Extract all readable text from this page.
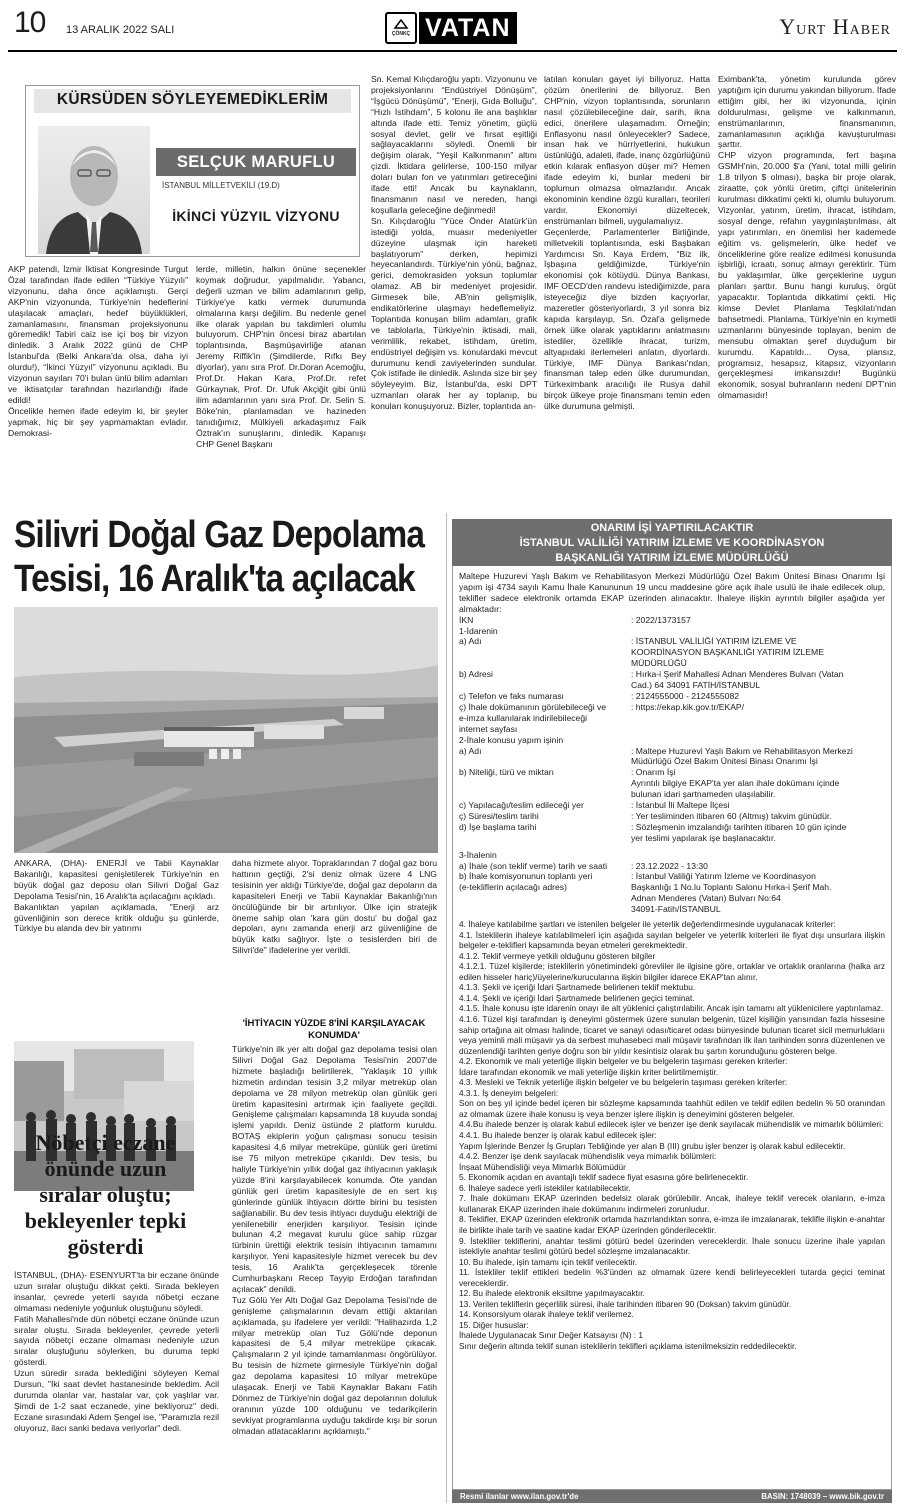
10 13 ARALIK 2022 SALI	ÇÖNKÇ VATAN	YURT HABER
KÜRSÜDEN SÖYLEYEMEDİKLERİM
SELÇUK MARUFLU
İSTANBUL MİLLETVEKİLİ (19.D)
İKİNCİ YÜZYIL VİZYONU
AKP patendi, İzmir İktisat Kongresinde Turgut Özal tarafından ifade edilen “Türkiye Yüzyılı” vizyonunu, daha önce açıklamıştı. Gerçi AKP'nin vizyonunda, Türkiye'nin hedeflerini ulaşılacak amaçları, hedef büyüklükleri, zamanlamasını, finansman projeksiyonunu göremedik! Tabiri caiz ise içi boş bir vizyon dinledik. 3 Aralık 2022 günü de CHP İstanbul'da (Belki Ankara'da olsa, daha iyi olurdu!), “İkinci Yüzyıl” vizyonunu açıkladı. Bu vizyonun sayıları 70'i bulan ünlü bilim adamları ve iktisatçılar tarafından hazırlandığı ifade edildi!
Öncelikle hemen ifade edeyim ki, bir şeyler yapmak, hiç bir şey yapmamaktan evladır. Demokrasi-
lerde, milletin, halkın önüne seçenekler koymak doğrudur, yapılmalıdır. Yabancı, değerli uzman ve bilim adamlarının gelip, Türkiye'ye katkı vermek durumunda olmalarına karşı değilim. Bu nedenle genel ilke olarak yapılan bu takdimleri olumlu buluyorum. CHP'nin öncesi biraz abartılan toplantısında, Başmüşavirliğe atanan Jeremy Riffik'in (Şimdilerde, Rıfkı Bey diyorlar), yanı sıra Prof. Dr.Doran Acemoğlu, Prof.Dr. Hakan Kara, Prof.Dr. refet Gürkaynak, Prof. Dr. Ufuk Akçiğit gibi ünlü ilim adamlarının yanı sıra Prof. Dr. Selin S. Böke'nin, planlamadan ve hazineden tanıdığımız, Mülkiyeli arkadaşımız Faik Öztrak'ın sunuşlarını, dinledik. Kapanışı CHP Genel Başkanı
Sn. Kemal Kılıçdaroğlu yaptı. Vizyonunu ve projeksiyonlarını “Endüstriyel Dönüşüm”, “İşgücü Dönüşümü”, “Enerji, Gıda Bolluğu”, “Hızlı İstihdam”, 5 kolonu ile ana başlıklar altında ifade etti. Temiz yönetim, güçlü sosyal devlet, gelir ve fırsat eşitliği sağlayacaklarını söyledi. Önemli bir değişim olarak, “Yeşil Kalkınmanın” altını çizdi. İktidara gelirlerse, 100-150 milyar doları bulan fon ve yatırımları getireceğini ifade etti! Ancak bu kaynakların, finansmanın nasıl ve nereden, hangi koşullarla geleceğine değinmedi!
Sn. Kılıçdaroğlu “Yüce Önder Atatürk'ün istediği yolda, muasır medeniyetler düzeyine ulaşmak için hareketi başlatıyorum” derken, hepimizi heyecanlandırdı. Türkiye'nin yönü, bağnaz, gerici, demokrasiden yoksun toplumlar olamaz. AB bir medeniyet projesidir. Girmesek bile, AB'nin gelişmişlik, endikatörlerine ulaşmayı hedeflemeliyiz. Toplantıda konuşan bilim adamları, grafik ve tablolarla, Türkiye'nin iktisadi, mali, verimlilik, rekabet, istihdam, üretim, endüstriyel değişim vs. konulardaki mevcut durumunu kendi zaviyelerinden sundular. Çok istifade ile dinledik. Aslında size bir şey söyleyeyim. Biz, İstanbul'da, eski DPT uzmanları olarak her ay toplanıp, bu konuları konuşuyoruz. Bizler, toplantıda an-
latılan konuları gayet iyi biliyoruz. Hatta çözüm önerilerini de biliyoruz. Ben CHP'nin, vizyon toplantısında, sorunların nasıl çözülebileceğine dair, sarih, ikna edici, önerilere ulaşamadım. Örneğin; Enflasyonu nasıl önleyecekler? Sadece, insan hak ve hürriyetlerini, hukukun üstünlüğü, adaleti, ifade, inanç özgürlüğünü etkin kılarak enflasyon düşer mi? Hemen ifade edeyim ki, bunlar medeni bir toplumun olmazsa olmazlarıdır. Ancak ekonominin kendine özgü kuralları, teorileri vardır. Ekonomiyi düzeltecek, enstrümanları bilmeli, uygulamalıyız.
Geçenlerde, Parlamenterler Birliğinde, milletvekili toplantısında, eski Başbakan Yardımcısı Sn. Kaya Erdem, “Biz ilk, İşbaşına geldiğimizde, Türkiye'nin ekonomisi çok kötüydü. Dünya Bankası, IMF OECD'den randevu istediğimizde, para isteyeceğiz diye bizden kaçıyorlar, mazeretler gösteriyorlardı, 3 yıl sonra biz kapıda karşılayıp, Sn. Özal'a gelişmede örnek ülke olarak yaptıklarını anlatmasını istediler, özellikle ihracat, turizm, altyapıdaki ilerlemeleri anlatın, diyorlardı. Türkiye, IMF Dünya Bankası'ndan, finansman talep eden ülke durumundan, Türkeximbank aracılığı ile Rusya dahil birçok ülkeye proje finansmanı temin eden ülke durumuna gelmişti.
Eximbank'ta, yönetim kurulunda görev yaptığım için durumu yakından biliyorum. İfade ettiğim gibi, her iki vizyonunda, içinin doldurulması, gelişme ve kalkınmanın, enstrümanlarının, finansmanının, zamanlamasının açıklığa kavuşturulması şarttır.
CHP vizyon programında, fert başına GSMH'nin, 20.000 $'a (Yani, total milli gelirin 1.8 trilyon $ olması), başka bir proje olarak, ziraatte, çok yönlü üretim, çiftçi ünitelerinin kurulması dikkatimi çekti ki, olumlu buluyorum. Vizyonlar, yatırım, üretim, ihracat, istihdam, sosyal denge, refahın yaygınlaştırılması, alt yapı yatırımları, en önemlisi her kademede eğitim vs. gelişmelerin, ülke hedef ve önceliklerine göre realize edilmesi konusunda işbirliği, icraatı, sonuç almayı gerektirir. Tüm bu yaklaşımlar, ülke gerçeklerine uygun planları şarttır. Bunu hangi kuruluş, örgüt yapacaktır. Toplantıda dikkatimi çekti. Hiç kimse Devlet Planlama Teşkilatı'ndan bahsetmedi. Planlama, Türkiye'nin en kıymetli uzmanlarını bünyesinde toplayan, benim de mensubu olmaktan şeref duyduğum bir kurumdu. Kapatıldı... Oysa, plansız, programsız, hesapsız, kitapsız, vizyonların gerçekleşmesi imkansızdır! Bugünkü ekonomik, sosyal buhranların nedeni DPT'nin olmamasıdır!
Silivri Doğal Gaz Depolama
Tesisi, 16 Aralık'ta açılacak
ANKARA, (DHA)- ENERJİ ve Tabii Kaynaklar Bakanlığı, kapasitesi genişletilerek Türkiye'nin en büyük doğal gaz deposu olan Silivri Doğal Gaz Depolama Tesisi'nin, 16 Aralık'ta açılacağını açıkladı.
Bakanlıktan yapılan açıklamada, "Enerji arz güvenliğinin son derece kritik olduğu şu günlerde, Türkiye bu alanda dev bir yatırımı
daha hizmete alıyor. Topraklarından 7 doğal gaz boru hattının geçtiği, 2'si deniz olmak üzere 4 LNG tesisinin yer aldığı Türkiye'de, doğal gaz depoların da kapasiteleri Enerji ve Tabii Kaynaklar Bakanlığı'nın öncülüğünde bir bir artırılıyor. Ülke için stratejik öneme sahip olan 'kara gün dostu' bu doğal gaz depoları, aynı zamanda enerji arz güvenliğine de büyük katkı sağlıyor. İşte o tesislerden biri de Silivri'de" ifadelerine yer verildi.
'İHTİYACIN YÜZDE 8'İNİ KARŞILAYACAK KONUMDA'
Türkiye'nin ilk yer altı doğal gaz depolama tesisi olan Silivri Doğal Gaz Depolama Tesisi'nin 2007'de hizmete başladığı belirtilerek, "Yaklaşık 10 yıllık hizmetin ardından tesisin 3,2 milyar metreküp olan depolama ve 28 milyon metreküp olan günlük geri üretim kapasitesini artırmak için faaliyete geçildi. Genişleme çalışmaları kapsamında 18 kuyuda sondaj işlemi yapıldı. Deniz üstünde 2 platform kuruldu. BOTAŞ ekiplerin yoğun çalışması sonucu tesisin kapasitesi 4,6 milyar metreküpe, günlük geri üretimi ise 75 milyon metreküpe çıkarıldı. Dev tesis, bu haliyle Türkiye'nin yıllık doğal gaz ihtiyacının yaklaşık yüzde 8'ini karşılayabilecek konumda. Öte yandan günlük geri üretim kapasitesiyle de en sert kış günlerinde günlük ihtiyacın dörtte birini bu tesisten sağlanabilir. Bu dev tesis ihtiyacı duyduğu elektriği de yenilenebilir enerjiden karşılıyor. Tesisin içinde bulunan 4,2 megavat kurulu güce sahip rüzgar türbinin ürettiği elektrik tesisin ihtiyacının tamamını karşılıyor. Yeni kapasitesiyle hizmet verecek bu dev tesis, 16 Aralık'ta gerçekleşecek törenle Cumhurbaşkanı Recep Tayyip Erdoğan tarafından açılacak" denildi.
Tuz Gölü Yer Altı Doğal Gaz Depolama Tesisi'nde de genişleme çalışmalarının devam ettiği aktarılan açıklamada, şu ifadelere yer verildi: "Halihazırda 1,2 milyar metreküp olan Tuz Gölü'nde deponun kapasitesi de 5,4 milyar metreküpe çıkacak. Çalışmaların 2 yıl içinde tamamlanması öngörülüyor. Bu tesisin de hizmete girmesiyle Türkiye'nin doğal gaz depolama kapasitesi 10 milyar metreküpe ulaşacak. Enerji ve Tabii Kaynaklar Bakanı Fatih Dönmez de Türkiye'nin doğal gaz depolarının doluluk oranının yüzde 100 olduğunu ve tedarikçilerin sevkiyat programlarına uyduğu takdirde kışı bir sorun olmadan atlatacaklarını açıklamıştı."
Nöbetçi eczane önünde uzun sıralar oluştu; bekleyenler tepki gösterdi
İSTANBUL, (DHA)- ESENYURT'ta bir eczane önünde uzun sıralar oluştuğu dikkat çekti. Sırada bekleyen insanlar, çevrede yeterli sayıda nöbetçi eczane olmaması nedeniyle yoğunluk oluştuğunu söyledi.
Fatih Mahallesi'nde dün nöbetçi eczane önünde uzun sıralar oluştu. Sırada bekleyenler, çevrede yeterli sayıda nöbetçi eczane olmaması nedeniyle uzun sıralar oluştuğunu söylerken, bu duruma tepki gösterdi.
Uzun süredir sırada beklediğini söyleyen Kemal Dursun, "İki saat devlet hastanesinde bekledim. Acil durumda olanlar var, hastalar var, çok yaşlılar var. Şimdi de 1-2 saat eczanede, yine bekliyoruz" dedi. Eczane sırasındaki Adem Şengel ise, "Paramızla rezil oluyoruz, ilacı sanki bedava veriyorlar" dedi.
ONARIM İŞİ YAPTIRILACAKTIR
İSTANBUL VALİLİĞİ YATIRIM İZLEME VE KOORDİNASYON
BAŞKANLIĞI YATIRIM İZLEME MÜDÜRLÜĞÜ
Maltepe Huzurevi Yaşlı Bakım ve Rehabilitasyon Merkezi Müdürlüğü Özel Bakım Ünitesi Binası Onarımı İşi yapım işi 4734 sayılı Kamu İhale Kanununun 19 uncu maddesine göre açık ihale usulü ile ihale edilecek olup, teklifler sadece elektronik ortamda EKAP üzerinden alınacaktır. İhaleye ilişkin ayrıntılı bilgiler aşağıda yer almaktadır:
İKN	: 2022/1373157
1-İdarenin
a) Adı	: İSTANBUL VALİLİĞİ YATIRIM İZLEME VE
KOORDİNASYON BAŞKANLIĞI YATIRIM İZLEME
MÜDÜRLÜĞÜ
b) Adresi	: Hırka-i Şerif Mahallesi Adnan Menderes Bulvarı (Vatan
Cad.) 64 34091 FATİH/İSTANBUL
c) Telefon ve faks numarası	: 2124555000 - 2124555082
ç) İhale dokümanının görülebileceği ve
e-imza kullanılarak indirilebileceği
internet sayfası
: https://ekap.kik.gov.tr/EKAP/
2-İhale konusu yapım işinin
a) Adı	: Maltepe Huzurevi Yaşlı Bakım ve Rehabilitasyon Merkezi
Müdürlüğü Özel Bakım Ünitesi Binası Onarımı İşi
b) Niteliği, türü ve miktarı	: Onarım İşi
Ayrıntılı bilgiye EKAP'ta yer alan ihale dokümanı içinde
bulunan idari şartnameden ulaşılabilir.
c) Yapılacağı/teslim edileceği yer	: İstanbul İli Maltepe İlçesi
ç) Süresi/teslim tarihi	: Yer tesliminden itibaren 60 (Altmış) takvim günüdür.
d) İşe başlama tarihi	: Sözleşmenin imzalandığı tarihten itibaren 10 gün içinde
yer teslimi yapılarak işe başlanacaktır.
3-İhalenin
a) İhale (son teklif verme) tarih ve saati	: 23.12.2022 - 13:30
b) İhale komisyonunun toplantı yeri
(e-tekliflerin açılacağı adres)
: İstanbul Valiliği Yatırım İzleme ve Koordinasyon
Başkanlığı 1 No.lu Toplantı Salonu Hırka-i Şerif Mah.
Adnan Menderes (Vatan) Bulvarı No:64
34091-Fatih/İSTANBUL
4. İhaleye katılabilme şartları ve istenilen belgeler ile yeterlik değerlendirmesinde uygulanacak kriterler:
4.1. İsteklilerin ihaleye katılabilmeleri için aşağıda sayılan belgeler ve yeterlik kriterleri ile fiyat dışı unsurlara ilişkin belgeler e-teklifleri kapsamında beyan etmeleri gerekmektedir.
4.1.2. Teklif vermeye yetkili olduğunu gösteren bilgiler
4.1.2.1. Tüzel kişilerde; isteklilerin yönetimindeki görevliler ile ilgisine göre, ortaklar ve ortaklık oranlarına (halka arz edilen hisseler hariç)/üyelerine/kurucularına ilişkin bilgiler idarece EKAP'tan alınır.
4.1.3. Şekli ve içeriği İdari Şartnamede belirlenen teklif mektubu.
4.1.4. Şekli ve içeriği İdari Şartnamede belirlenen geçici teminat.
4.1.5. İhale konusu işte idarenin onayı ile alt yüklenici çalıştırılabilir. Ancak işin tamamı alt yüklenicilere yaptırılamaz.
4.1.6. Tüzel kişi tarafından iş deneyimi göstermek üzere sunulan belgenin, tüzel kişiliğin yarısından fazla hissesine sahip ortağına ait olması halinde, ticaret ve sanayi odası/ticaret odası bünyesinde bulunan ticaret sicil memurluklarıı veya yeminli mali müşavir ya da serbest muhasebeci mali müşavir tarafından ilk ilan tarihinden sonra düzenlenen ve düzenlendiği tarihten geriye doğru son bir yıldır kesintisiz olarak bu şartın korunduğunu gösteren belge.
4.2. Ekonomik ve mali yeterliğe ilişkin belgeler ve bu belgelerin taşıması gereken kriterler:
İdare tarafından ekonomik ve mali yeterliğe ilişkin kriter belirtilmemiştir.
4.3. Mesleki ve Teknik yeterliğe ilişkin belgeler ve bu belgelerin taşıması gereken kriterler:
4.3.1. İş deneyim belgeleri:
Son on beş yıl içinde bedel içeren bir sözleşme kapsamında taahhüt edilen ve teklif edilen bedelin % 50 oranından az olmamak üzere ihale konusu iş veya benzer işlere ilişkin iş deneyimini gösteren belgeler.
4.4.Bu ihalede benzer iş olarak kabul edilecek işler ve benzer işe denk sayılacak mühendislik ve mimarlık bölümleri:
4.4.1. Bu ihalede benzer iş olarak kabul edilecek işler:
Yapım İşlerinde Benzer İş Grupları Tebliğinde yer alan B (III) grubu işler benzer iş olarak kabul edilecektir.
4.4.2. Benzer işe denk sayılacak mühendislik veya mimarlık bölümleri:
İnşaat Mühendisliği veya Mimarlık Bölümüdür
5. Ekonomik açıdan en avantajlı teklif sadece fiyat esasına göre belirlenecektir.
6. İhaleye sadece yerli istekliler katılabilecektir.
7. İhale dokümanı EKAP üzerinden bedelsiz olarak görülebilir. Ancak, ihaleye teklif verecek olanların, e-imza kullanarak EKAP üzerinden ihale dokümanını indirmeleri zorunludur.
8. Teklifler, EKAP üzerinden elektronik ortamda hazırlandıktan sonra, e-imza ile imzalanarak, teklifle ilişkin e-anahtar ile birlikte ihale tarih ve saatine kadar EKAP üzerinden gönderilecektir.
9. İstekliler tekliflerini, anahtar teslimi götürü bedel üzerinden vereceklerdir. İhale sonucu üzerine ihale yapılan istekliyle anahtar teslimi götürü bedel sözleşme imzalanacaktır.
10. Bu ihalede, işin tamamı için teklif verilecektir.
11. İstekliler teklif ettikleri bedelin %3'ünden az olmamak üzere kendi belirleyecekleri tutarda geçici teminat vereceklerdir.
12. Bu ihalede elektronik eksiltme yapılmayacaktır.
13. Verilen tekliflerin geçerlilik süresi, ihale tarihinden itibaren 90 (Doksan) takvim günüdür.
14. Konsorsiyum olarak ihaleye teklif verilemez.
15. Diğer hususlar:
İhalede Uygulanacak Sınır Değer Katsayısı (N) : 1
Sınır değerin altında teklif sunan isteklilerin teklifleri açıklama istenilmeksizin reddedilecektir.
Resmi ilanlar www.ilan.gov.tr'de	BASIN: 1748039 – www.bik.gov.tr
